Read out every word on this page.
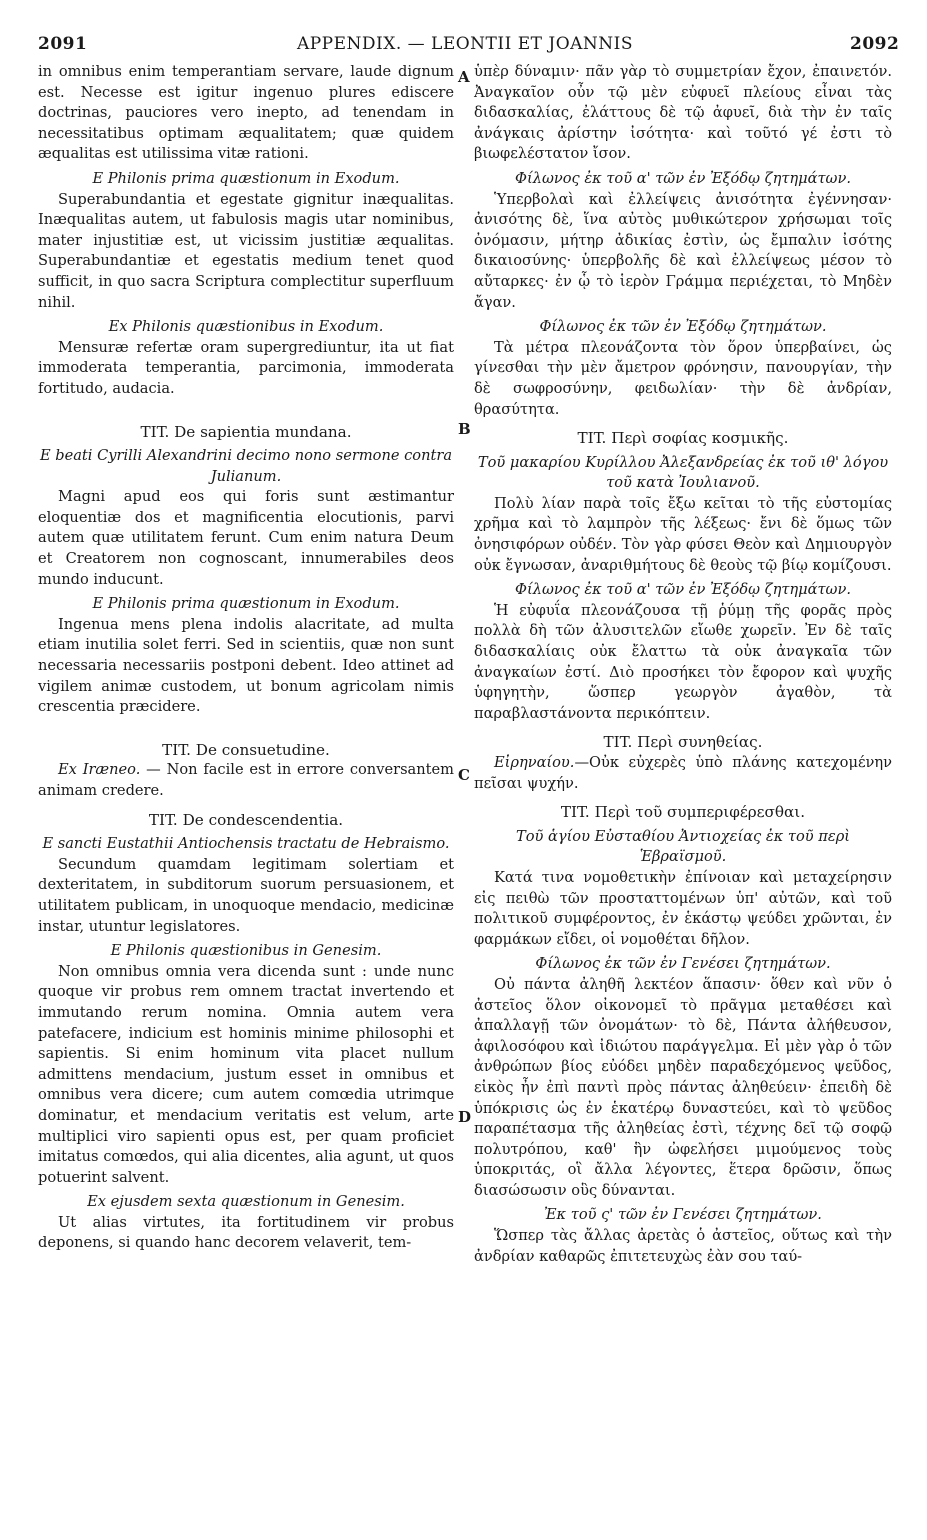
2091	APPENDIX. — LEONTII ET JOANNIS	2092
A
B
C
D

in omnibus enim temperantiam servare, laude dignum est. Necesse est igitur ingenuo plures ediscere doctrinas, pauciores vero inepto, ad tenendam in necessitatibus optimam æqualitatem; quæ quidem æqualitas est utilissima vitæ rationi.

E Philonis prima quæstionum in Exodum.

Superabundantia et egestate gignitur inæqualitas. Inæqualitas autem, ut fabulosis magis utar nominibus, mater injustitiæ est, ut vicissim justitiæ æqualitas. Superabundantiæ et egestatis medium tenet quod sufficit, in quo sacra Scriptura complectitur superfluum nihil.

Ex Philonis quæstionibus in Exodum.

Mensuræ refertæ oram supergrediuntur, ita ut fiat immoderata temperantia, parcimonia, immoderata fortitudo, audacia.

TIT. De sapientia mundana.

E beati Cyrilli Alexandrini decimo nono sermone contra Julianum.

Magni apud eos qui foris sunt æstimantur eloquentiæ dos et magnificentia elocutionis, parvi autem quæ utilitatem ferunt. Cum enim natura Deum et Creatorem non cognoscant, innumerabiles deos mundo inducunt.

E Philonis prima quæstionum in Exodum.

Ingenua mens plena indolis alacritate, ad multa etiam inutilia solet ferri. Sed in scientiis, quæ non sunt necessaria necessariis postponi debent. Ideo attinet ad vigilem animæ custodem, ut bonum agricolam nimis crescentia præcidere.

TIT. De consuetudine.

Ex Iræneo. — Non facile est in errore conversantem animam credere.

TIT. De condescendentia.

E sancti Eustathii Antiochensis tractatu de Hebraismo.

Secundum quamdam legitimam solertiam et dexteritatem, in subditorum suorum persuasionem, et utilitatem publicam, in unoquoque mendacio, medicinæ instar, utuntur legislatores.

E Philonis quæstionibus in Genesim.

Non omnibus omnia vera dicenda sunt : unde nunc quoque vir probus rem omnem tractat invertendo et immutando rerum nomina. Omnia autem vera patefacere, indicium est hominis minime philosophi et sapientis. Si enim hominum vita placet nullum admittens mendacium, justum esset in omnibus et omnibus vera dicere; cum autem comœdia utrimque dominatur, et mendacium veritatis est velum, arte multiplici viro sapienti opus est, per quam proficiet imitatus comœdos, qui alia dicentes, alia agunt, ut quos potuerint salvent.

Ex ejusdem sexta quæstionum in Genesim.

Ut alias virtutes, ita fortitudinem vir probus deponens, si quando hanc decorem velaverit, tem-

ὑπὲρ δύναμιν· πᾶν γὰρ τὸ συμμετρίαν ἔχον, ἐπαινετόν. Ἀναγκαῖον οὖν τῷ μὲν εὐφυεῖ πλείους εἶναι τὰς διδασκαλίας, ἐλάττους δὲ τῷ ἀφυεῖ, διὰ τὴν ἐν ταῖς ἀνάγκαις ἀρίστην ἰσότητα· καὶ τοῦτό γέ ἐστι τὸ βιωφελέστατον ἴσον.

Φίλωνος ἐκ τοῦ α' τῶν ἐν Ἐξόδῳ ζητημάτων.

Ὑπερβολαὶ καὶ ἐλλείψεις ἀνισότητα ἐγέννησαν· ἀνισότης δὲ, ἵνα αὐτὸς μυθικώτερον χρήσωμαι τοῖς ὀνόμασιν, μήτηρ ἀδικίας ἐστὶν, ὡς ἔμπαλιν ἰσότης δικαιοσύνης· ὑπερβολῆς δὲ καὶ ἐλλείψεως μέσον τὸ αὔταρκες· ἐν ᾧ τὸ ἱερὸν Γράμμα περιέχεται, τὸ Μηδὲν ἄγαν.

Φίλωνος ἐκ τῶν ἐν Ἐξόδῳ ζητημάτων.

Τὰ μέτρα πλεονάζοντα τὸν ὅρον ὑπερβαίνει, ὡς γίνεσθαι τὴν μὲν ἄμετρον φρόνησιν, πανουργίαν, τὴν δὲ σωφροσύνην, φειδωλίαν· τὴν δὲ ἀνδρίαν, θρασύτητα.

TIT. Περὶ σοφίας κοσμικῆς.

Τοῦ μακαρίου Κυρίλλου Ἀλεξανδρείας ἐκ τοῦ ιθ' λόγου τοῦ κατὰ Ἰουλιανοῦ.

Πολὺ λίαν παρὰ τοῖς ἔξω κεῖται τὸ τῆς εὐστομίας χρῆμα καὶ τὸ λαμπρὸν τῆς λέξεως· ἔνι δὲ ὅμως τῶν ὀνησιφόρων οὐδέν. Τὸν γὰρ φύσει Θεὸν καὶ Δημιουργὸν οὐκ ἔγνωσαν, ἀναριθμήτους δὲ θεοὺς τῷ βίῳ κομίζουσι.

Φίλωνος ἐκ τοῦ α' τῶν ἐν Ἐξόδῳ ζητημάτων.

Ἡ εὐφυΐα πλεονάζουσα τῇ ῥύμῃ τῆς φορᾶς πρὸς πολλὰ δὴ τῶν ἀλυσιτελῶν εἴωθε χωρεῖν. Ἐν δὲ ταῖς διδασκαλίαις οὐκ ἔλαττω τὰ οὐκ ἀναγκαῖα τῶν ἀναγκαίων ἐστί. Διὸ προσήκει τὸν ἔφορον καὶ ψυχῆς ὑφηγητὴν, ὥσπερ γεωργὸν ἀγαθὸν, τὰ παραβλαστάνοντα περικόπτειν.

TIT. Περὶ συνηθείας.

Εἰρηναίου.—Οὐκ εὐχερὲς ὑπὸ πλάνης κατεχομένην πεῖσαι ψυχήν.

TIT. Περὶ τοῦ συμπεριφέρεσθαι.

Τοῦ ἁγίου Εὐσταθίου Ἀντιοχείας ἐκ τοῦ περὶ Ἑβραϊσμοῦ.

Κατά τινα νομοθετικὴν ἐπίνοιαν καὶ μεταχείρησιν εἰς πειθὼ τῶν προσταττομένων ὑπ' αὐτῶν, καὶ τοῦ πολιτικοῦ συμφέροντος, ἐν ἑκάστῳ ψεύδει χρῶνται, ἐν φαρμάκων εἴδει, οἱ νομοθέται δῆλον.

Φίλωνος ἐκ τῶν ἐν Γενέσει ζητημάτων.

Οὐ πάντα ἀληθῆ λεκτέον ἅπασιν· ὅθεν καὶ νῦν ὁ ἀστεῖος ὅλον οἰκονομεῖ τὸ πρᾶγμα μεταθέσει καὶ ἀπαλλαγῇ τῶν ὀνομάτων· τὸ δὲ, Πάντα ἀλήθευσον, ἀφιλοσόφου καὶ ἰδιώτου παράγγελμα. Εἰ μὲν γὰρ ὁ τῶν ἀνθρώπων βίος εὐόδει μηδὲν παραδεχόμενος ψεῦδος, εἰκὸς ἦν ἐπὶ παντὶ πρὸς πάντας ἀληθεύειν· ἐπειδὴ δὲ ὑπόκρισις ὡς ἐν ἑκατέρῳ δυναστεύει, καὶ τὸ ψεῦδος παραπέτασμα τῆς ἀληθείας ἐστὶ, τέχνης δεῖ τῷ σοφῷ πολυτρόπου, καθ' ἣν ὠφελήσει μιμούμενος τοὺς ὑποκριτάς, οἳ ἄλλα λέγοντες, ἕτερα δρῶσιν, ὅπως διασώσωσιν οὓς δύνανται.

Ἐκ τοῦ ς' τῶν ἐν Γενέσει ζητημάτων.

Ὥσπερ τὰς ἄλλας ἀρετὰς ὁ ἀστεῖος, οὕτως καὶ τὴν ἀνδρίαν καθαρῶς ἐπιτετευχὼς ἐὰν σου ταύ-
